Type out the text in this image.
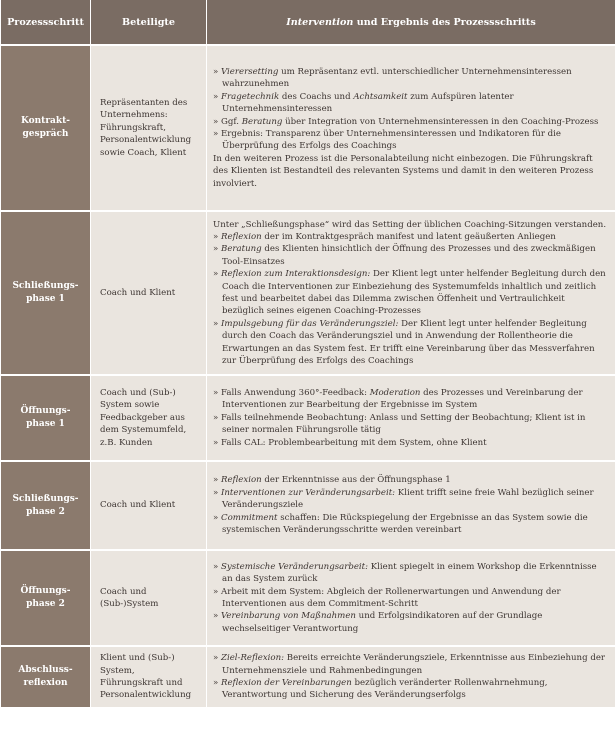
Prozessschritt	Beteiligte	Intervention und Ergebnis des Prozessschritts
Kontrakt-
gespräch	Repräsentanten des Unternehmens: Führungskraft, Personalentwicklung sowie Coach, Klient	» Vierersetting um Repräsentanz evtl. unterschiedlicher Unternehmensinteressen wahrzunehmen
» Fragetechnik des Coachs und Achtsamkeit zum Aufspüren latenter Unternehmensinteressen
» Ggf. Beratung über Integration von Unternehmensinteressen in den Coaching-Prozess
» Ergebnis: Transparenz über Unternehmensinteressen und Indikatoren für die Überprüfung des Erfolgs des Coachings
In den weiteren Prozess ist die Personalabteilung nicht einbezogen. Die Führungskraft des Klienten ist Bestandteil des relevanten Systems und damit in den weiteren Prozess involviert.

Schließungs-
phase 1	Coach und Klient	Unter „Schließungsphase“ wird das Setting der üblichen Coaching-Sitzungen verstanden.
» Reflexion der im Kontraktgespräch manifest und latent geäußerten Anliegen
» Beratung des Klienten hinsichtlich der Öffnung des Prozesses und des zweckmäßigen Tool-Einsatzes
» Reflexion zum Interaktionsdesign: Der Klient legt unter helfender Begleitung durch den Coach die Interventionen zur Einbeziehung des Systemumfelds inhaltlich und zeitlich fest und bearbeitet dabei das Dilemma zwischen Öffenheit und Vertraulichkeit bezüglich seines eigenen Coaching-Prozesses
» Impulsgebung für das Veränderungsziel: Der Klient legt unter helfender Begleitung durch den Coach das Veränderungsziel und in Anwendung der Rollentheorie die Erwartungen an das System fest. Er trifft eine Vereinbarung über das Messverfahren zur Überprüfung des Erfolgs des Coachings

Öffnungs-
phase 1	Coach und (Sub-) System sowie Feedbackgeber aus dem Systemumfeld, z.B. Kunden	» Falls Anwendung 360°-Feedback: Moderation des Prozesses und Vereinbarung der Interventionen zur Bearbeitung der Ergebnisse im System
» Falls teilnehmende Beobachtung: Anlass und Setting der Beobachtung; Klient ist in seiner normalen Führungsrolle tätig
» Falls CAL: Problembearbeitung mit dem System, ohne Klient

Schließungs-
phase 2	Coach und Klient	» Reflexion der Erkenntnisse aus der Öffnungsphase 1
» Interventionen zur Veränderungsarbeit: Klient trifft seine freie Wahl bezüglich seiner Veränderungsziele
» Commitment schaffen: Die Rückspiegelung der Ergebnisse an das System sowie die systemischen Veränderungsschritte werden vereinbart

Öffnungs-
phase 2	Coach und (Sub-)System	» Systemische Veränderungsarbeit: Klient spiegelt in einem Workshop die Erkenntnisse an das System zurück
» Arbeit mit dem System: Abgleich der Rollenerwartungen und Anwendung der Interventionen aus dem Commitment-Schritt
» Vereinbarung von Maßnahmen und Erfolgsindikatoren auf der Grundlage wechselseitiger Verantwortung

Abschluss-
reflexion	Klient und (Sub-) System, Führungskraft und Personalentwicklung	» Ziel-Reflexion: Bereits erreichte Veränderungsziele, Erkenntnisse aus Einbeziehung der Unternehmensziele und Rahmenbedingungen
» Reflexion der Vereinbarungen bezüglich veränderter Rollenwahrnehmung, Verantwortung und Sicherung des Veränderungserfolgs
